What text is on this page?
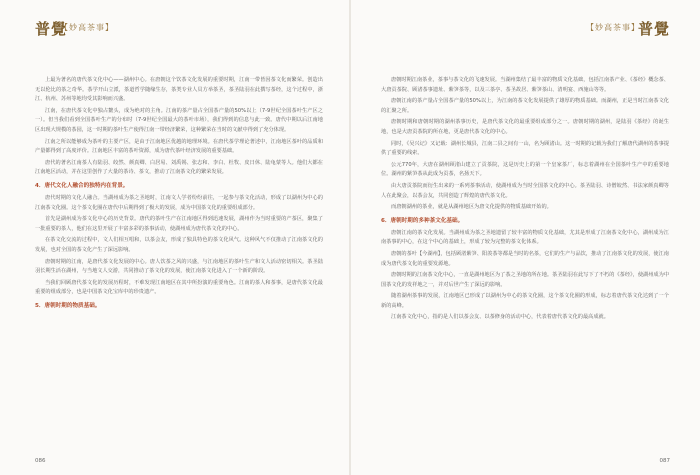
普覺
【妙高茶事】

上最为著名的唐代茶文化中心——湖州中心。在唐朝这个饮茶文化发展的重要时期，江南一带皆因茶文化而繁荣。创造出无以伦比的茶之奇华。茶学开山立派，茶道哲学随缘生存，茶类专业人员方举茶圣，茶圣陆羽在此撰写茶经，这个过程中，浙江、杭州、苏州等地均受其影响而兴盛。

江南，在唐代茶文化中独占鳌头，成为绝对的主角。江南的茶产量占全国茶产量的50%以上（7-9世纪全国茶叶生产区之一）。但当我们看到全国茶叶生产的分布时（7-9世纪全国最大的茶叶市场），我们得到的信息与此一致。唐代中期以后江南地区出现大规模的茶园，这一时期的茶叶生产使得江南一带经济繁荣，这种繁荣在当时的文献中得到了充分体现。

江南之所以能够成为茶叶的主要产区，是由于江南地区优越的地理环境。在唐代茶学理论著述中，江南地区茶叶的品质和产量都得到了高度评价。江南地区丰富的茶叶资源，成为唐代茶叶经济发展的重要基础。

唐代的著名江南茶人有陆羽、皎然、颜真卿、白居易、刘禹锡、张志和、李白、杜牧、皮日休、陆龟蒙等人。他们大都在江南地区活动，并在这里创作了大量的茶诗、茶文，推动了江南茶文化的繁荣发展。

4．唐代文化人融合的独特内在背景。

唐代时期的文化人融合。当湖州成为茶之圣地时，江南文人学者纷纷前往，一起参与茶文化活动，形成了以湖州为中心的江南茶文化圈。这个茶文化圈在唐代中后期得到了极大的发展，成为中国茶文化的重要组成部分。

首先是湖州成为茶文化中心的历史背景。唐代的茶叶生产在江南地区得到迅速发展，湖州作为当时重要的产茶区，聚集了一批重要的茶人，他们在这里开展了丰富多彩的茶事活动，使湖州成为唐代茶文化的中心。

在茶文化交流的过程中，文人们相互唱和，以茶会友，形成了独具特色的茶文化风气。这种风气不仅推动了江南茶文化的发展，也对全国的茶文化产生了深远影响。

唐朝时期的江南，是唐代茶文化发展的中心。唐人饮茶之风的兴盛，与江南地区的茶叶生产和文人活动密切相关。茶圣陆羽长期生活在湖州，与当地文人交游，共同推动了茶文化的发展，使江南茶文化进入了一个新的阶段。

当我们回顾唐代茶文化的发展历程时，不难发现江南地区在其中所扮演的重要角色。江南的茶人和茶事，是唐代茶文化最重要的组成部分，也是中国茶文化宝库中的珍贵遗产。

5．唐朝时期的物质基础。
086
【妙高茶事】
普覺

唐朝时期江南茶业，茶事与茶文化的飞速发展。当湖州集结了最丰富的物质文化基础，包括江南茶产业、《茶经》概念茶、大唐贡茶院、顾渚茶事遗址、紫笋茶等，以及三茶亭、茶圣故居、紫笋茶山、清明宴、西施山等等。

唐朝江南的茶产量占全国茶产量的50%以上，为江南的茶文化发展提供了雄厚的物质基础。而湖州，正是当时江南茶文化的汇聚之所。

唐朝时期和唐朝时期的湖州茶事历史，是唐代茶文化的最重要组成部分之一。唐朝时期的湖州，是陆羽《茶经》的诞生地，也是大唐贡茶院的所在地，更是唐代茶文化的中心。

同时，《吴兴记》又记载：湖州长城县，江南二县之间有一山，名为顾渚山。这一时期的记载为我们了解唐代湖州的茶事提供了重要的线索。

公元770年，大唐在湖州顾渚山建立了贡茶院，这是历史上的第一个皇家茶厂，标志着湖州在全国茶叶生产中的重要地位。湖州的紫笋茶从此成为贡茶，名扬天下。

由大唐贡茶院而衍生出来的一系列茶事活动，使湖州成为当时全国茶文化的中心。茶圣陆羽、诗僧皎然、书法家颜真卿等人在此聚会，以茶会友，共同创造了辉煌的唐代茶文化。

而唐朝湖州的茶业，就是从湖州地区为唐文化提供的物质基础开始的。

6．唐朝时期的多种茶文化基础。

唐朝江南的茶文化发展。当湖州成为茶之圣地遗留了较丰富的物质文化基础，尤其是形成了江南茶文化中心，湖州成为江南茶事的中心，在这个中心的基础上，形成了较为完整的茶文化体系。

唐朝的茶叶【今湖州】，包括顾渚紫笋、阳羡茶等都是当时的名茶，它们的生产与品饮，推动了江南茶文化的发展，使江南成为唐代茶文化的重要发源地。

唐朝时期的江南茶文化中心，一直是湖州地区为了茶之圣地的所在地。茶圣陆羽在此写下了不朽的《茶经》，使湖州成为中国茶文化的发祥地之一，并对后世产生了深远的影响。

随着湖州茶事的发展，江南地区已形成了以湖州为中心的茶文化圈，这个茶文化圈的形成，标志着唐代茶文化达到了一个新的高峰。

江南茶文化中心，指的是人们以茶会友、以茶修身的活动中心，代表着唐代茶文化的最高成就。

087
